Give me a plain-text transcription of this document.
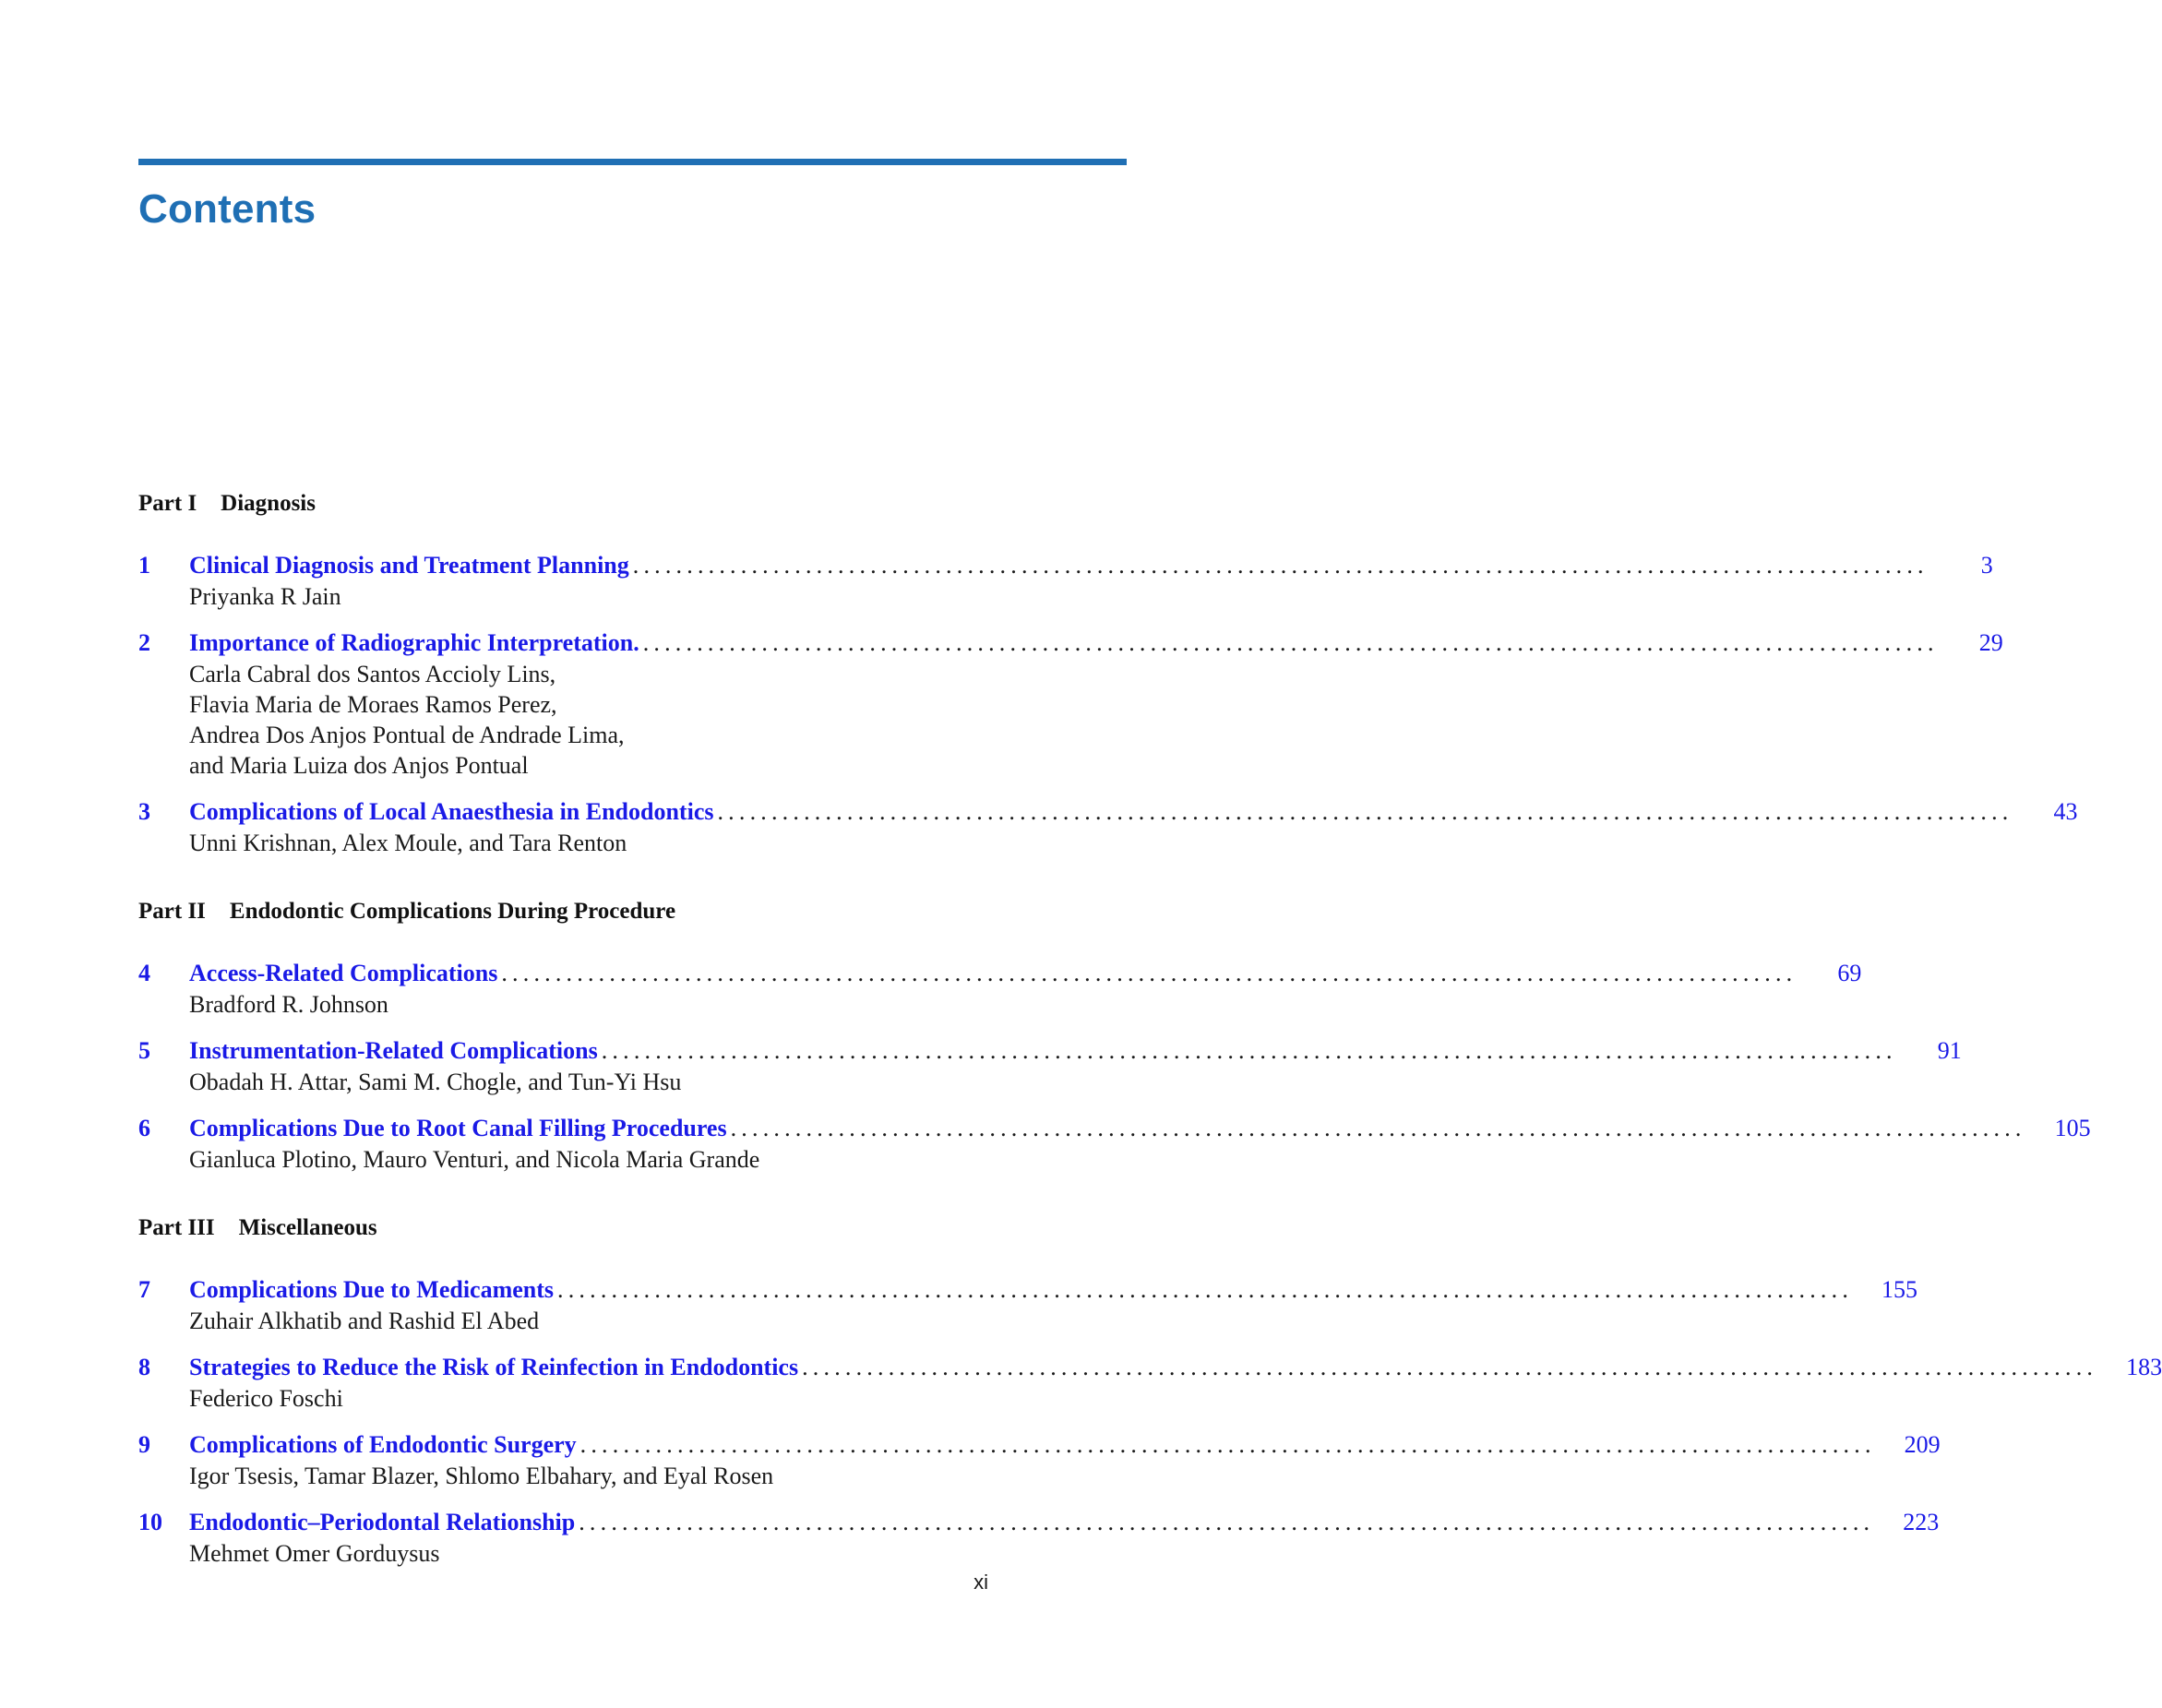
Contents
Part I Diagnosis
1	Clinical Diagnosis and Treatment Planning ........................................................................................................................	3
Priyanka R Jain
2	Importance of Radiographic Interpretation. ........................................................................................................................	29
Carla Cabral dos Santos Accioly Lins,
Flavia Maria de Moraes Ramos Perez,
Andrea Dos Anjos Pontual de Andrade Lima,
and Maria Luiza dos Anjos Pontual
3	Complications of Local Anaesthesia in Endodontics ........................................................................................................................	43
Unni Krishnan, Alex Moule, and Tara Renton
Part II Endodontic Complications During Procedure
4	Access-Related Complications ........................................................................................................................	69
Bradford R. Johnson
5	Instrumentation-Related Complications ........................................................................................................................	91
Obadah H. Attar, Sami M. Chogle, and Tun-Yi Hsu
6	Complications Due to Root Canal Filling Procedures ........................................................................................................................	105
Gianluca Plotino, Mauro Venturi, and Nicola Maria Grande
Part III Miscellaneous
7	Complications Due to Medicaments ........................................................................................................................	155
Zuhair Alkhatib and Rashid El Abed
8	Strategies to Reduce the Risk of Reinfection in Endodontics ........................................................................................................................	183
Federico Foschi
9	Complications of Endodontic Surgery ........................................................................................................................	209
Igor Tsesis, Tamar Blazer, Shlomo Elbahary, and Eyal Rosen
10	Endodontic–Periodontal Relationship ........................................................................................................................	223
Mehmet Omer Gorduysus
xi
